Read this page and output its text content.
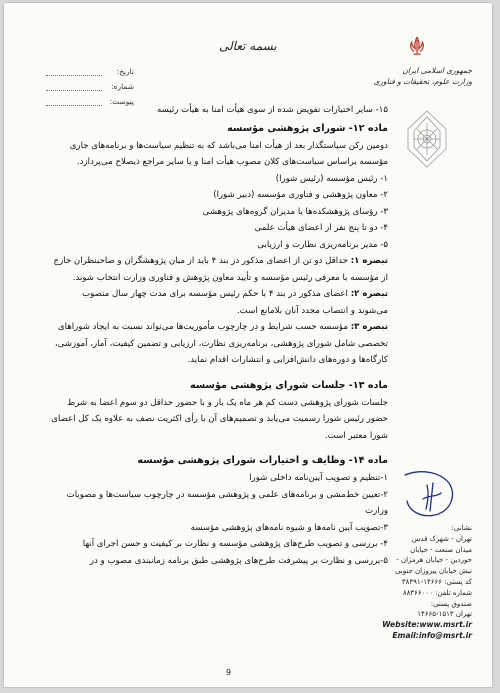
بسمه تعالی
تاریخ:
شماره:
پیوست:
جمهوری اسلامی ایران
وزارت علوم، تحقیقات و فناوری

۱۵- سایر اختیارات تفویض شده از سوی هیأت امنا به هیأت رئیسه

ماده ۱۲- شورای پژوهشی مؤسسه

دومین رکن سیاستگذار بعد از هیأت امنا می‌باشد که به تنظیم سیاست‌ها و برنامه‌های جاری مؤسسه براساس سیاست‌های کلان مصوب هیأت امنا و یا سایر مراجع ذیصلاح می‌پردازد.

۱- رئیس مؤسسه (رئیس شورا)

۲- معاون پژوهشی و فناوری مؤسسه (دبیر شورا)

۳- رؤسای پژوهشکده‌ها یا مدیران گروه‌های پژوهشی

۴- دو تا پنج نفر از اعضای هیأت علمی

۵- مدیر برنامه‌ریزی نظارت و ارزیابی

تبصره ۱: حداقل دو تن از اعضای مذکور در بند ۴ باید از میان پژوهشگران و صاحبنظران خارج از مؤسسه با معرفی رئیس مؤسسه و تأیید معاون پژوهش و فناوری وزارت انتخاب شوند.

تبصره ۲: اعضای مذکور در بند ۴ با حکم رئیس مؤسسه برای مدت چهار سال منصوب می‌شوند و انتصاب مجدد آنان بلامانع است.

تبصره ۳: مؤسسه حسب شرایط و در چارچوب مأموریت‌ها می‌تواند نسبت به ایجاد شوراهای تخصصی شامل شورای پژوهشی، برنامه‌ریزی نظارت، ارزیابی و تضمین کیفیت، آمار، آموزشی، کارگاه‌ها و دوره‌های دانش‌افزایی و انتشارات اقدام نماید.

ماده ۱۳- جلسات شورای پژوهشی مؤسسه

جلسات شورای پژوهشی دست کم هر ماه یک بار و با حضور حداقل دو سوم اعضا به شرط حضور رئیس شورا رسمیت می‌یابد و تصمیم‌های آن با رأی اکثریت نصف به علاوه یک کل اعضای شورا معتبر است.

ماده ۱۴- وظایف و اختیارات شورای پژوهشی مؤسسه

۱-تنظیم و تصویب آیین‌نامه داخلی شورا

۲-تعیین خط‌مشی و برنامه‌های علمی و پژوهشی مؤسسه در چارچوب سیاست‌ها و مصوبات وزارت

۳-تصویب آیین نامه‌ها و شیوه نامه‌های پژوهشی مؤسسه

۴- بررسی و تصویب طرح‌های پژوهشی مؤسسه و نظارت بر کیفیت و حسن اجرای آنها

۵-بررسی و نظارت بر پیشرفت طرح‌های پژوهشی طبق برنامه زمانبندی مصوب و در

نشانی:
تهران - شهرک قدس
میدان صنعت - خیابان
خوردین - خیابان هرمزان -
نبش خیابان پیروزان جنوبی
کد پستی: ۱۴۶۶۶-۳۸۴۹۱
شماره تلفن: ۸۸۳۶۶۰۰۰
صندوق پستی:
تهران ۱۵۱۳-۱۴۶۶۵
Website:www.msrt.ir
Email:info@msrt.ir
9
